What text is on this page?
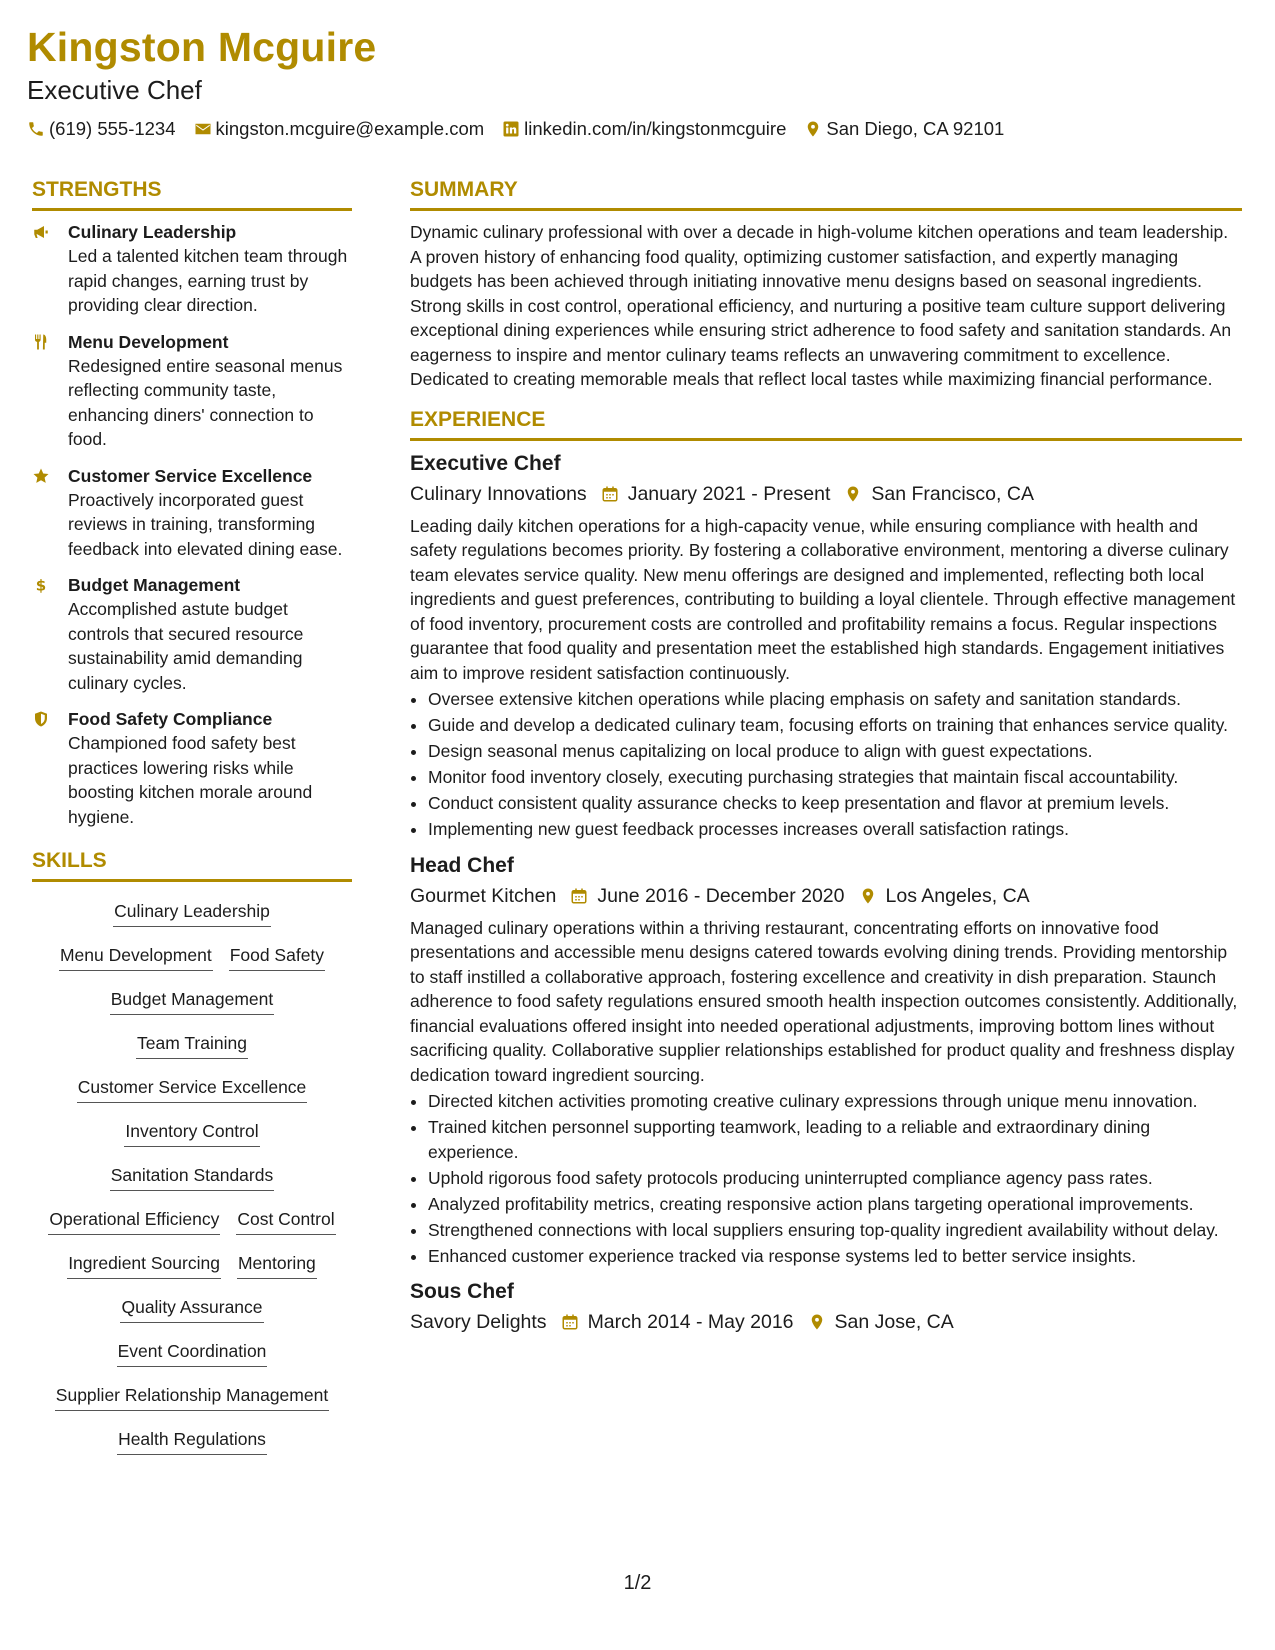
Kingston Mcguire
Executive Chef
(619) 555-1234 kingston.mcguire@example.com linkedin.com/in/kingstonmcguire San Diego, CA 92101
STRENGTHS
Culinary Leadership
Led a talented kitchen team through rapid changes, earning trust by providing clear direction.
Menu Development
Redesigned entire seasonal menus reflecting community taste, enhancing diners' connection to food.
Customer Service Excellence
Proactively incorporated guest reviews in training, transforming feedback into elevated dining ease.
$ Budget Management
Accomplished astute budget controls that secured resource sustainability amid demanding culinary cycles.
Food Safety Compliance
Championed food safety best practices lowering risks while boosting kitchen morale around hygiene.
SKILLS
Culinary Leadership
Menu Development Food Safety
Budget Management
Team Training
Customer Service Excellence
Inventory Control
Sanitation Standards
Operational Efficiency Cost Control
Ingredient Sourcing Mentoring
Quality Assurance
Event Coordination
Supplier Relationship Management
Health Regulations
SUMMARY

Dynamic culinary professional with over a decade in high-volume kitchen operations and team leadership. A proven history of enhancing food quality, optimizing customer satisfaction, and expertly managing budgets has been achieved through initiating innovative menu designs based on seasonal ingredients. Strong skills in cost control, operational efficiency, and nurturing a positive team culture support delivering exceptional dining experiences while ensuring strict adherence to food safety and sanitation standards. An eagerness to inspire and mentor culinary teams reflects an unwavering commitment to excellence. Dedicated to creating memorable meals that reflect local tastes while maximizing financial performance.

EXPERIENCE
Executive Chef
Culinary Innovations January 2021 - Present San Francisco, CA
Leading daily kitchen operations for a high-capacity venue, while ensuring compliance with health and safety regulations becomes priority. By fostering a collaborative environment, mentoring a diverse culinary team elevates service quality. New menu offerings are designed and implemented, reflecting both local ingredients and guest preferences, contributing to building a loyal clientele. Through effective management of food inventory, procurement costs are controlled and profitability remains a focus. Regular inspections guarantee that food quality and presentation meet the established high standards. Engagement initiatives aim to improve resident satisfaction continuously.
• Oversee extensive kitchen operations while placing emphasis on safety and sanitation standards.
• Guide and develop a dedicated culinary team, focusing efforts on training that enhances service quality.
• Design seasonal menus capitalizing on local produce to align with guest expectations.
• Monitor food inventory closely, executing purchasing strategies that maintain fiscal accountability.
• Conduct consistent quality assurance checks to keep presentation and flavor at premium levels.
• Implementing new guest feedback processes increases overall satisfaction ratings.
Head Chef
Gourmet Kitchen June 2016 - December 2020 Los Angeles, CA
Managed culinary operations within a thriving restaurant, concentrating efforts on innovative food presentations and accessible menu designs catered towards evolving dining trends. Providing mentorship to staff instilled a collaborative approach, fostering excellence and creativity in dish preparation. Staunch adherence to food safety regulations ensured smooth health inspection outcomes consistently. Additionally, financial evaluations offered insight into needed operational adjustments, improving bottom lines without sacrificing quality. Collaborative supplier relationships established for product quality and freshness display dedication toward ingredient sourcing.
• Directed kitchen activities promoting creative culinary expressions through unique menu innovation.
• Trained kitchen personnel supporting teamwork, leading to a reliable and extraordinary dining experience.
• Uphold rigorous food safety protocols producing uninterrupted compliance agency pass rates.
• Analyzed profitability metrics, creating responsive action plans targeting operational improvements.
• Strengthened connections with local suppliers ensuring top-quality ingredient availability without delay.
• Enhanced customer experience tracked via response systems led to better service insights.
Sous Chef
Savory Delights March 2014 - May 2016 San Jose, CA
1/2
